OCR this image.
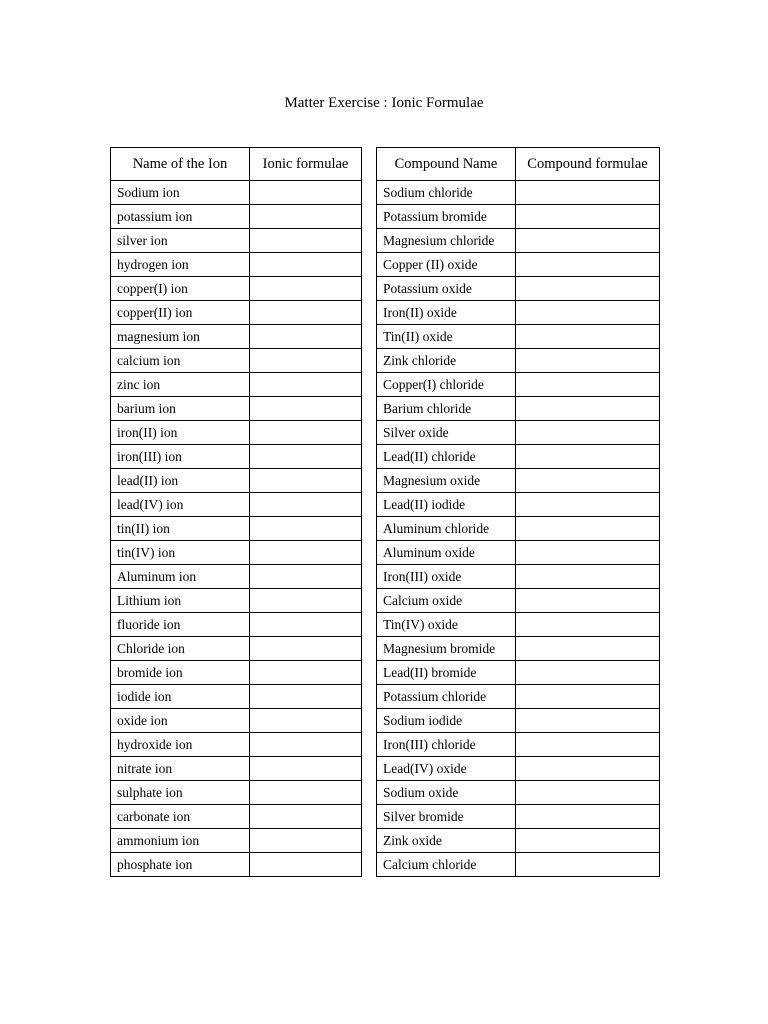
Matter Exercise : Ionic Formulae
Name of the Ion	Ionic formulae
Sodium ion	
potassium ion	
silver ion	
hydrogen ion	
copper(I) ion	
copper(II) ion	
magnesium ion	
calcium ion	
zinc ion	
barium ion	
iron(II) ion	
iron(III) ion	
lead(II) ion	
lead(IV) ion	
tin(II) ion	
tin(IV) ion	
Aluminum ion	
Lithium ion	
fluoride ion	
Chloride ion	
bromide ion	
iodide ion	
oxide ion	
hydroxide ion	
nitrate ion	
sulphate ion	
carbonate ion	
ammonium ion	
phosphate ion	
Compound Name	Compound formulae
Sodium chloride	
Potassium bromide	
Magnesium chloride	
Copper (II) oxide	
Potassium oxide	
Iron(II) oxide	
Tin(II) oxide	
Zink chloride	
Copper(I) chloride	
Barium chloride	
Silver oxide	
Lead(II) chloride	
Magnesium oxide	
Lead(II) iodide	
Aluminum chloride	
Aluminum oxide	
Iron(III) oxide	
Calcium oxide	
Tin(IV) oxide	
Magnesium bromide	
Lead(II) bromide	
Potassium chloride	
Sodium iodide	
Iron(III) chloride	
Lead(IV) oxide	
Sodium oxide	
Silver bromide	
Zink oxide	
Calcium chloride	
